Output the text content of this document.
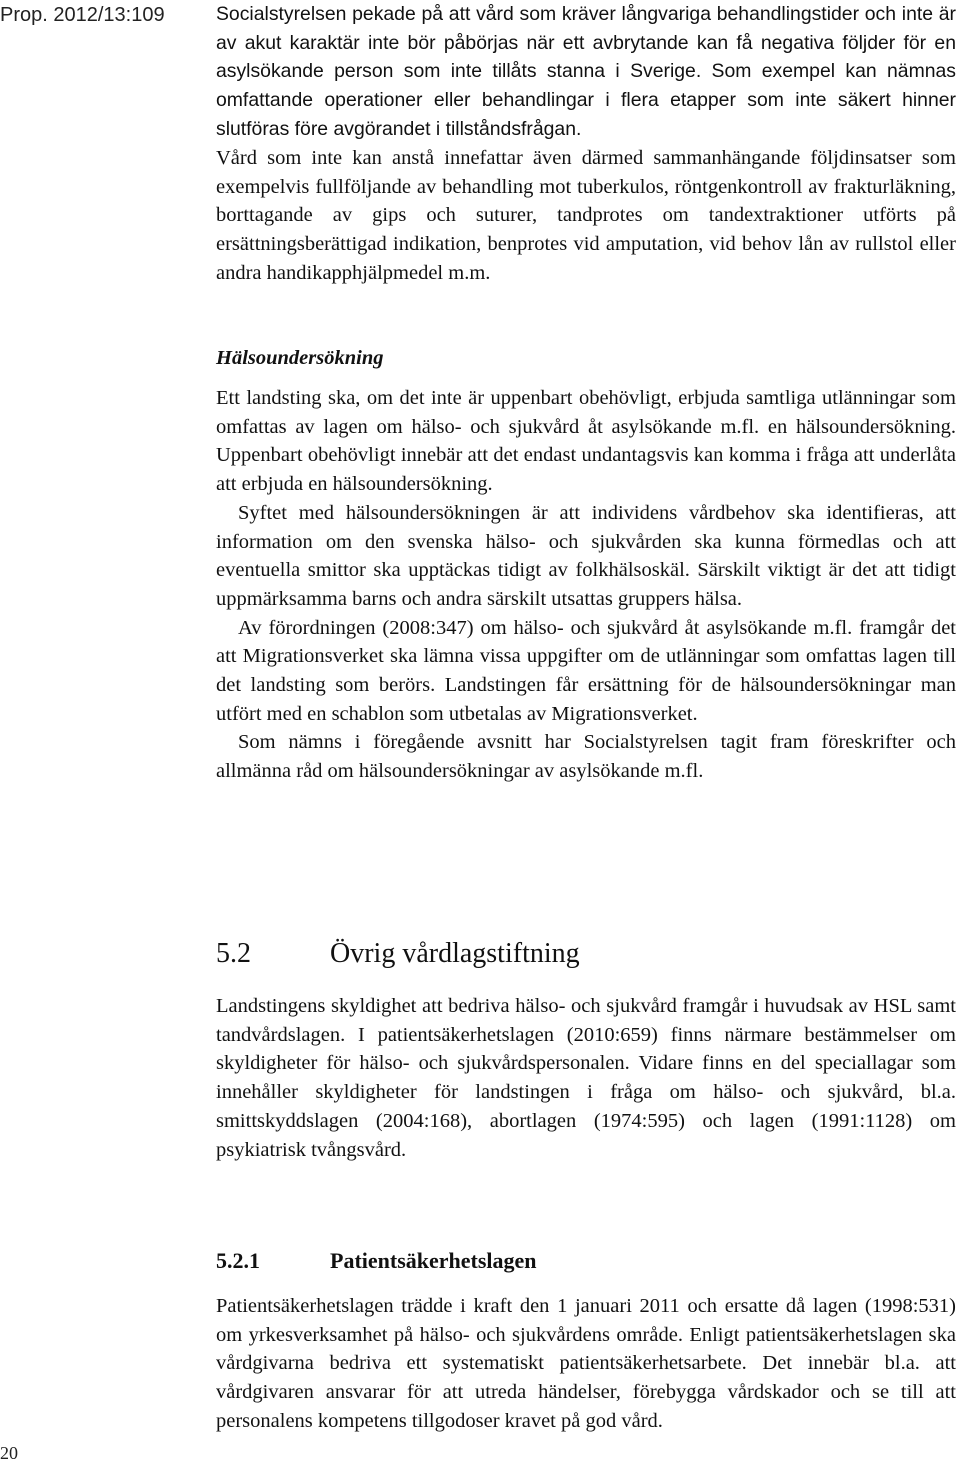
Prop. 2012/13:109	Socialstyrelsen pekade på att vård som kräver långvariga behandlingstider och inte är av akut karaktär inte bör påbörjas när ett avbrytande kan få negativa följder för en asylsökande person som inte tillåts stanna i Sverige. Som exempel kan nämnas omfattande operationer eller behandlingar i flera etapper som inte säkert hinner slutföras före avgörandet i tillståndsfrågan.

Vård som inte kan anstå innefattar även därmed sammanhängande följdinsatser som exempelvis fullföljande av behandling mot tuberkulos, röntgenkontroll av frakturläkning, borttagande av gips och suturer, tandprotes om tandextraktioner utförts på ersättningsberättigad indikation, benprotes vid amputation, vid behov lån av rullstol eller andra handikapphjälpmedel m.m.

Hälsoundersökning

Ett landsting ska, om det inte är uppenbart obehövligt, erbjuda samtliga utlänningar som omfattas av lagen om hälso- och sjukvård åt asylsökande m.fl. en hälsoundersökning. Uppenbart obehövligt innebär att det endast undantagsvis kan komma i fråga att underlåta att erbjuda en hälsoundersökning.

Syftet med hälsoundersökningen är att individens vårdbehov ska identifieras, att information om den svenska hälso- och sjukvården ska kunna förmedlas och att eventuella smittor ska upptäckas tidigt av folkhälsoskäl. Särskilt viktigt är det att tidigt uppmärksamma barns och andra särskilt utsattas gruppers hälsa.

Av förordningen (2008:347) om hälso- och sjukvård åt asylsökande m.fl. framgår det att Migrationsverket ska lämna vissa uppgifter om de utlänningar som omfattas lagen till det landsting som berörs. Landstingen får ersättning för de hälsoundersökningar man utfört med en schablon som utbetalas av Migrationsverket.

Som nämns i föregående avsnitt har Socialstyrelsen tagit fram föreskrifter och allmänna råd om hälsoundersökningar av asylsökande m.fl.

5.2	Övrig vårdlagstiftning

Landstingens skyldighet att bedriva hälso- och sjukvård framgår i huvudsak av HSL samt tandvårdslagen. I patientsäkerhetslagen (2010:659) finns närmare bestämmelser om skyldigheter för hälso- och sjukvårdspersonalen. Vidare finns en del speciallagar som innehåller skyldigheter för landstingen i fråga om hälso- och sjukvård, bl.a. smittskyddslagen (2004:168), abortlagen (1974:595) och lagen (1991:1128) om psykiatrisk tvångsvård.

5.2.1	Patientsäkerhetslagen

Patientsäkerhetslagen trädde i kraft den 1 januari 2011 och ersatte då lagen (1998:531) om yrkesverksamhet på hälso- och sjukvårdens område. Enligt patientsäkerhetslagen ska vårdgivarna bedriva ett systematiskt patientsäkerhetsarbete. Det innebär bl.a. att vårdgivaren ansvarar för att utreda händelser, förebygga vårdskador och se till att personalens kompetens tillgodoser kravet på god vård.

20
